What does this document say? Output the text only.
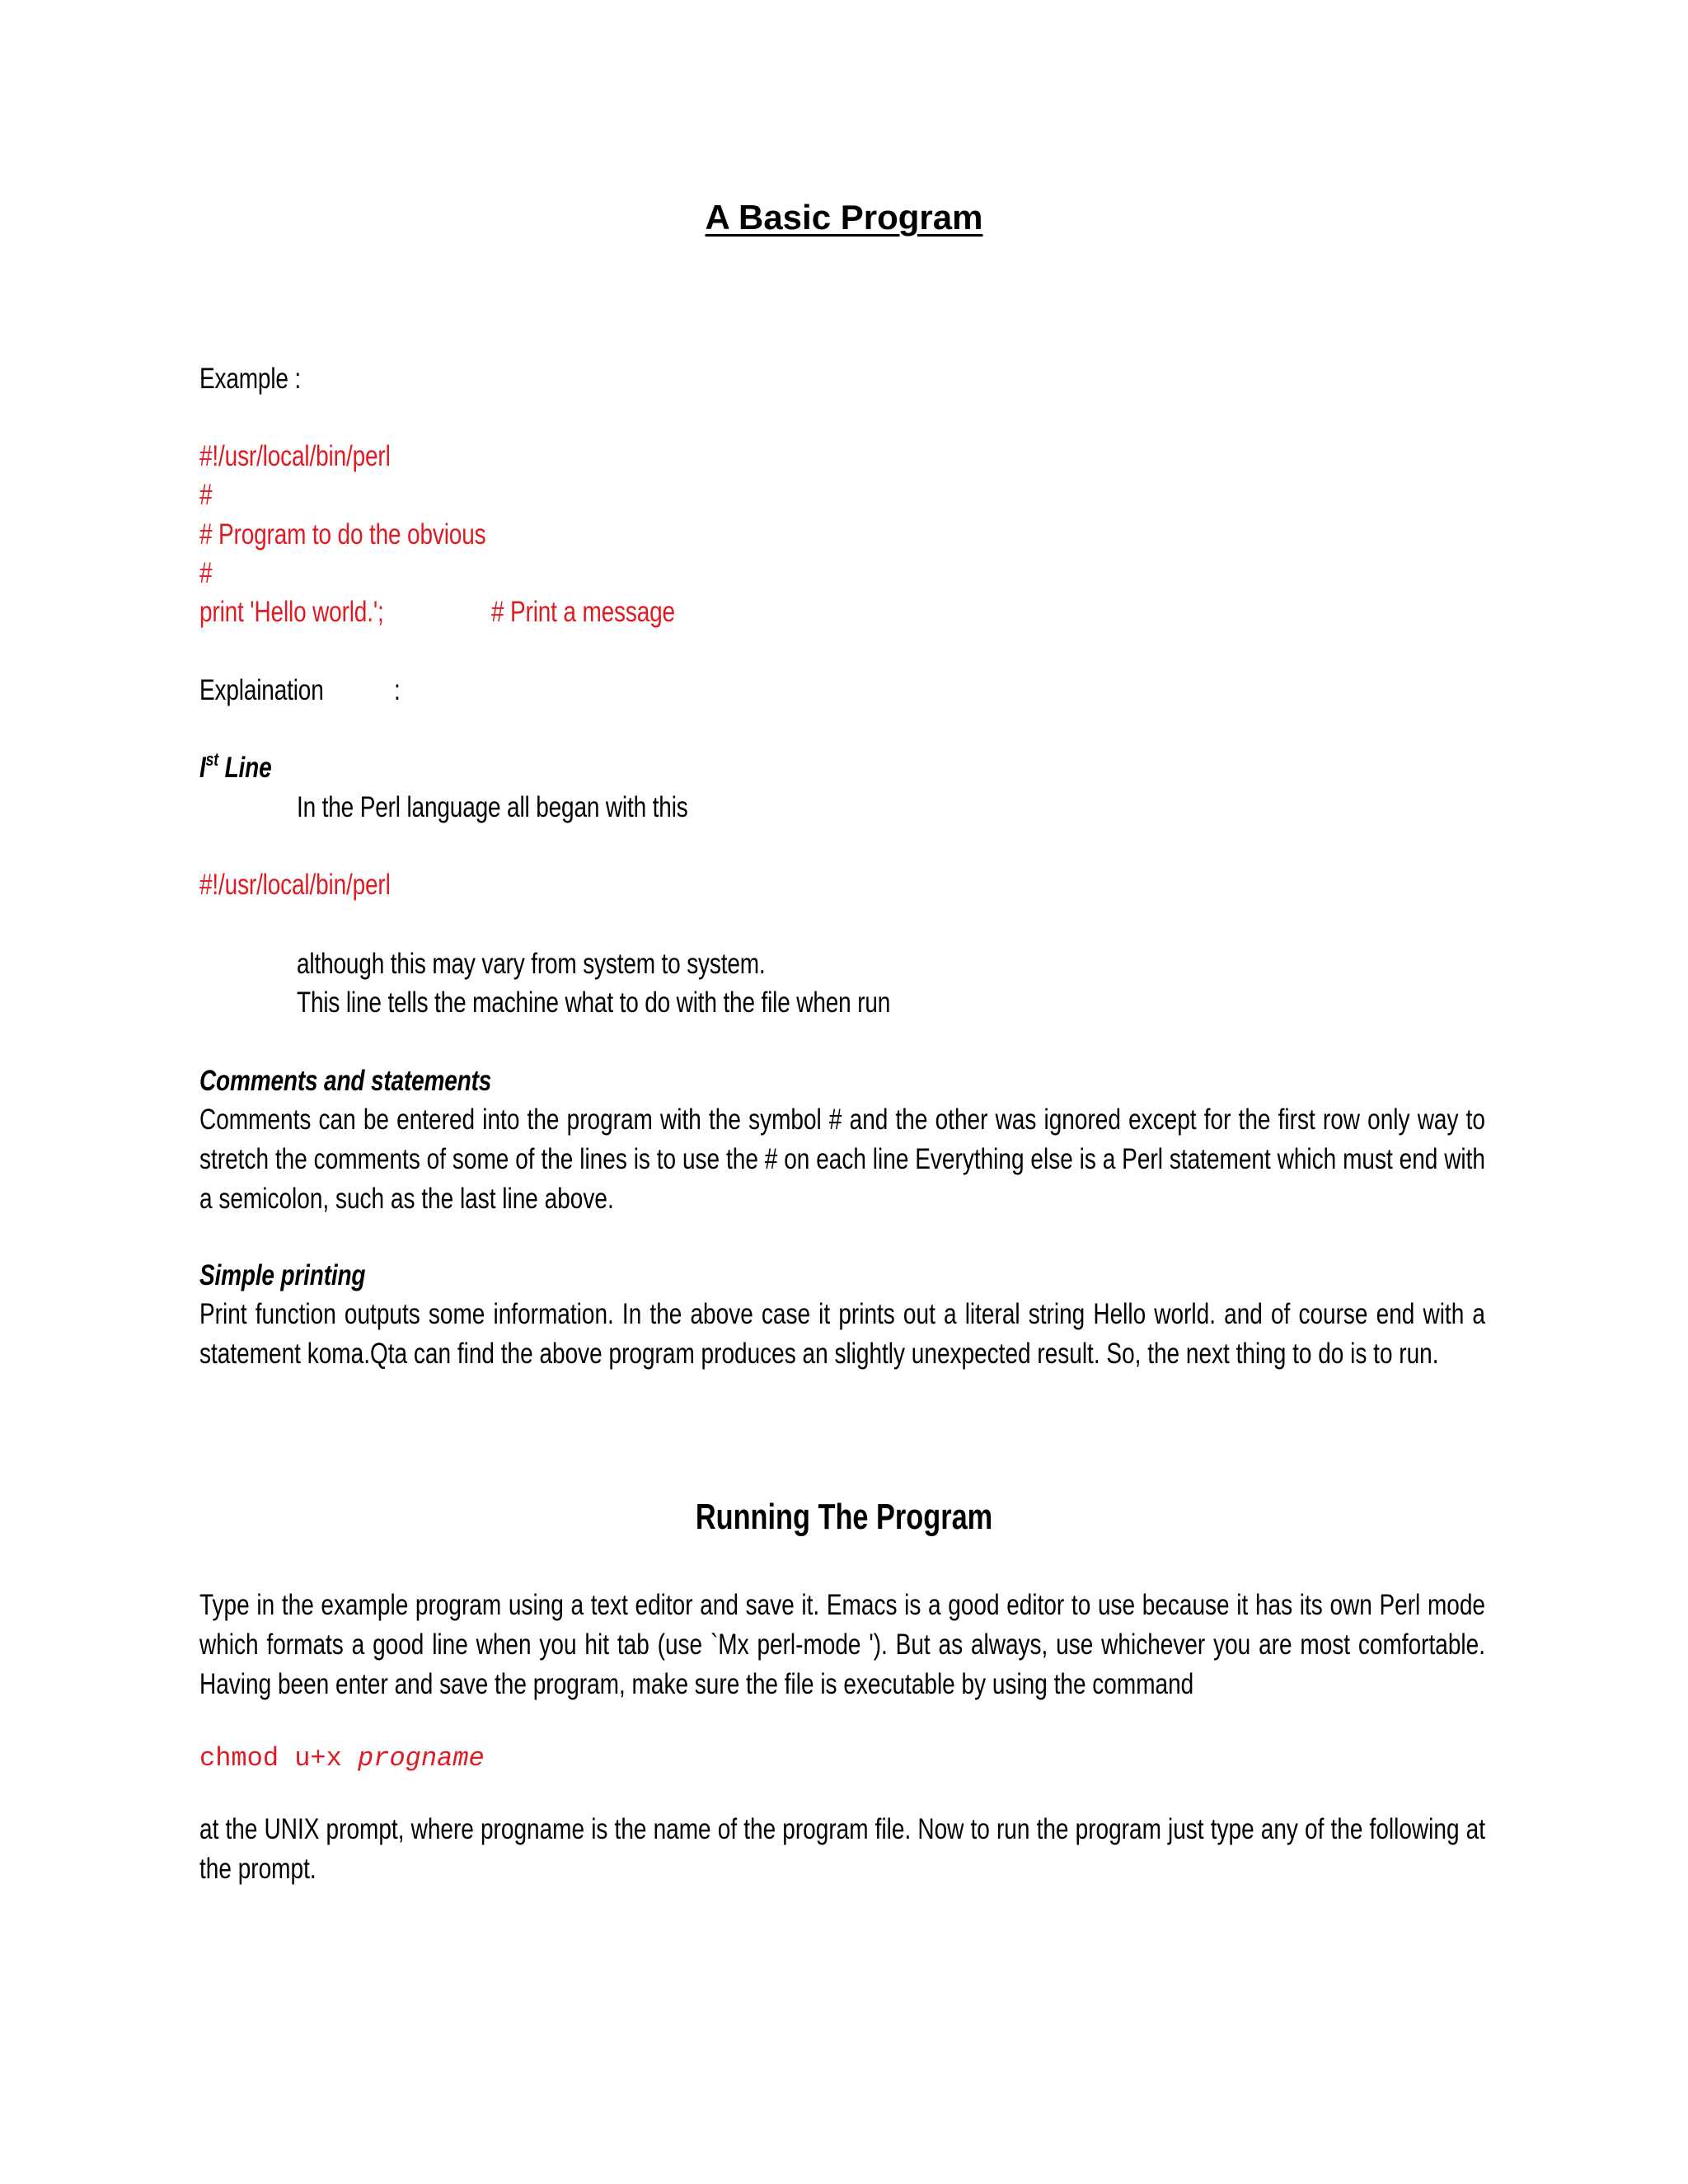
A Basic Program
Example :
#!/usr/local/bin/perl
#
# Program to do the obvious
#
print 'Hello world.';	# Print a message
Explaination :
Ist Line
In the Perl language all began with this
#!/usr/local/bin/perl
although this may vary from system to system.
This line tells the machine what to do with the file when run
Comments and statements
Comments can be entered into the program with the symbol # and the other was ignored except for the first row only way to stretch the comments of some of the lines is to use the # on each line Everything else is a Perl statement which must end with a semicolon, such as the last line above.
Simple printing
Print function outputs some information. In the above case it prints out a literal string Hello world. and of course end with a statement koma.Qta can find the above program produces an slightly unexpected result. So, the next thing to do is to run.
Running The Program
Type in the example program using a text editor and save it. Emacs is a good editor to use because it has its own Perl mode which formats a good line when you hit tab (use `Mx perl-mode '). But as always, use whichever you are most comfortable. Having been enter and save the program, make sure the file is executable by using the command
chmod u+x progname
at the UNIX prompt, where progname is the name of the program file. Now to run the program just type any of the following at the prompt.
